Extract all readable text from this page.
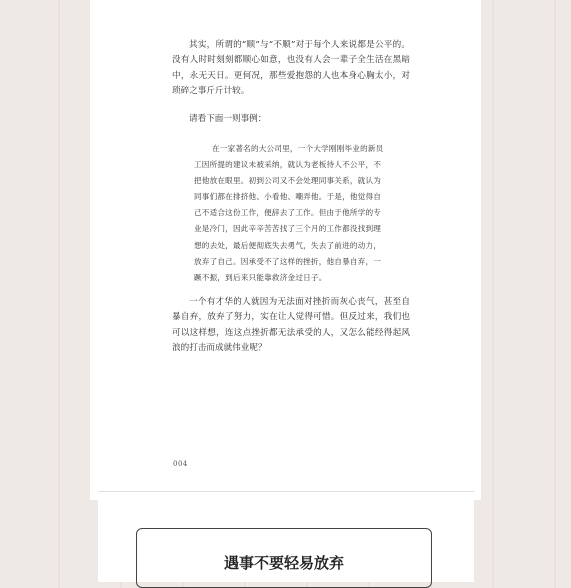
其实，所谓的“顺”与“不顺”对于每个人来说都是公平的。没有人时时刻刻都顺心如意，也没有人会一辈子全生活在黑暗中，永无天日。更何况，那些爱抱怨的人也本身心胸太小，对琐碎之事斤斤计较。

请看下面一则事例：

在一家著名的大公司里，一个大学刚刚毕业的新员
工因所提的建议未被采纳，就认为老板待人不公平，不
把他放在眼里。初到公司又不会处理同事关系，就认为
同事们都在排挤他、小看他、嘲弄他。于是，他觉得自
己不适合这份工作，便辞去了工作。但由于他所学的专
业是冷门，因此辛辛苦苦找了三个月的工作都没找到理
想的去处，最后便彻底失去勇气，失去了前进的动力，
放弃了自己。因承受不了这样的挫折，他自暴自弃，一
蹶不振，到后来只能靠救济金过日子。

一个有才华的人就因为无法面对挫折而灰心丧气，甚至自暴自弃，放弃了努力，实在让人觉得可惜。但反过来，我们也可以这样想，连这点挫折都无法承受的人，又怎么能经得起风浪的打击而成就伟业呢？

004
遇事不要轻易放弃
